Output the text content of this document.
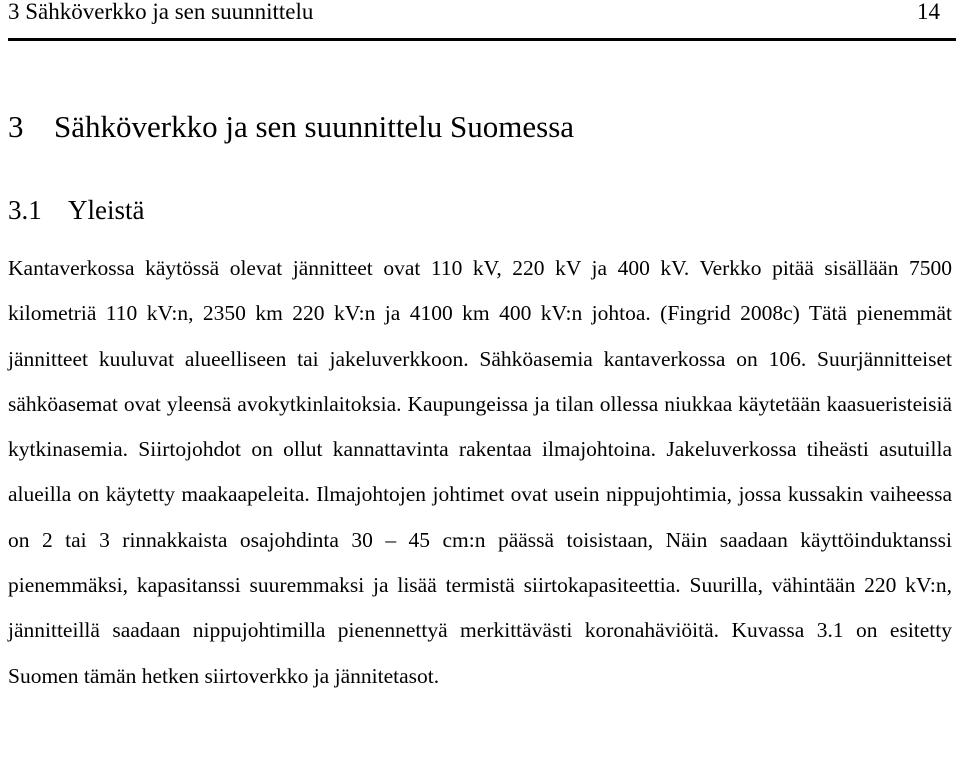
3 Sähköverkko ja sen suunnittelu	14
3 Sähköverkko ja sen suunnittelu Suomessa
3.1 Yleistä

Kantaverkossa käytössä olevat jännitteet ovat 110 kV, 220 kV ja 400 kV. Verkko pitää sisällään 7500 kilometriä 110 kV:n, 2350 km 220 kV:n ja 4100 km 400 kV:n johtoa. (Fingrid 2008c) Tätä pienemmät jännitteet kuuluvat alueelliseen tai jakeluverkkoon. Sähköasemia kantaverkossa on 106. Suurjännitteiset sähköasemat ovat yleensä avokytkinlaitoksia. Kaupungeissa ja tilan ollessa niukkaa käytetään kaasueristeisiä kytkinasemia. Siirtojohdot on ollut kannattavinta rakentaa ilmajohtoina. Jakeluverkossa tiheästi asutuilla alueilla on käytetty maakaapeleita. Ilmajohtojen johtimet ovat usein nippujohtimia, jossa kussakin vaiheessa on 2 tai 3 rinnakkaista osajohdinta 30 – 45 cm:n päässä toisistaan, Näin saadaan käyttöinduktanssi pienemmäksi, kapasitanssi suuremmaksi ja lisää termistä siirtokapasiteettia. Suurilla, vähintään 220 kV:n, jännitteillä saadaan nippujohtimilla pienennettyä merkittävästi koronahäviöitä. Kuvassa 3.1 on esitetty Suomen tämän hetken siirtoverkko ja jännitetasot.
